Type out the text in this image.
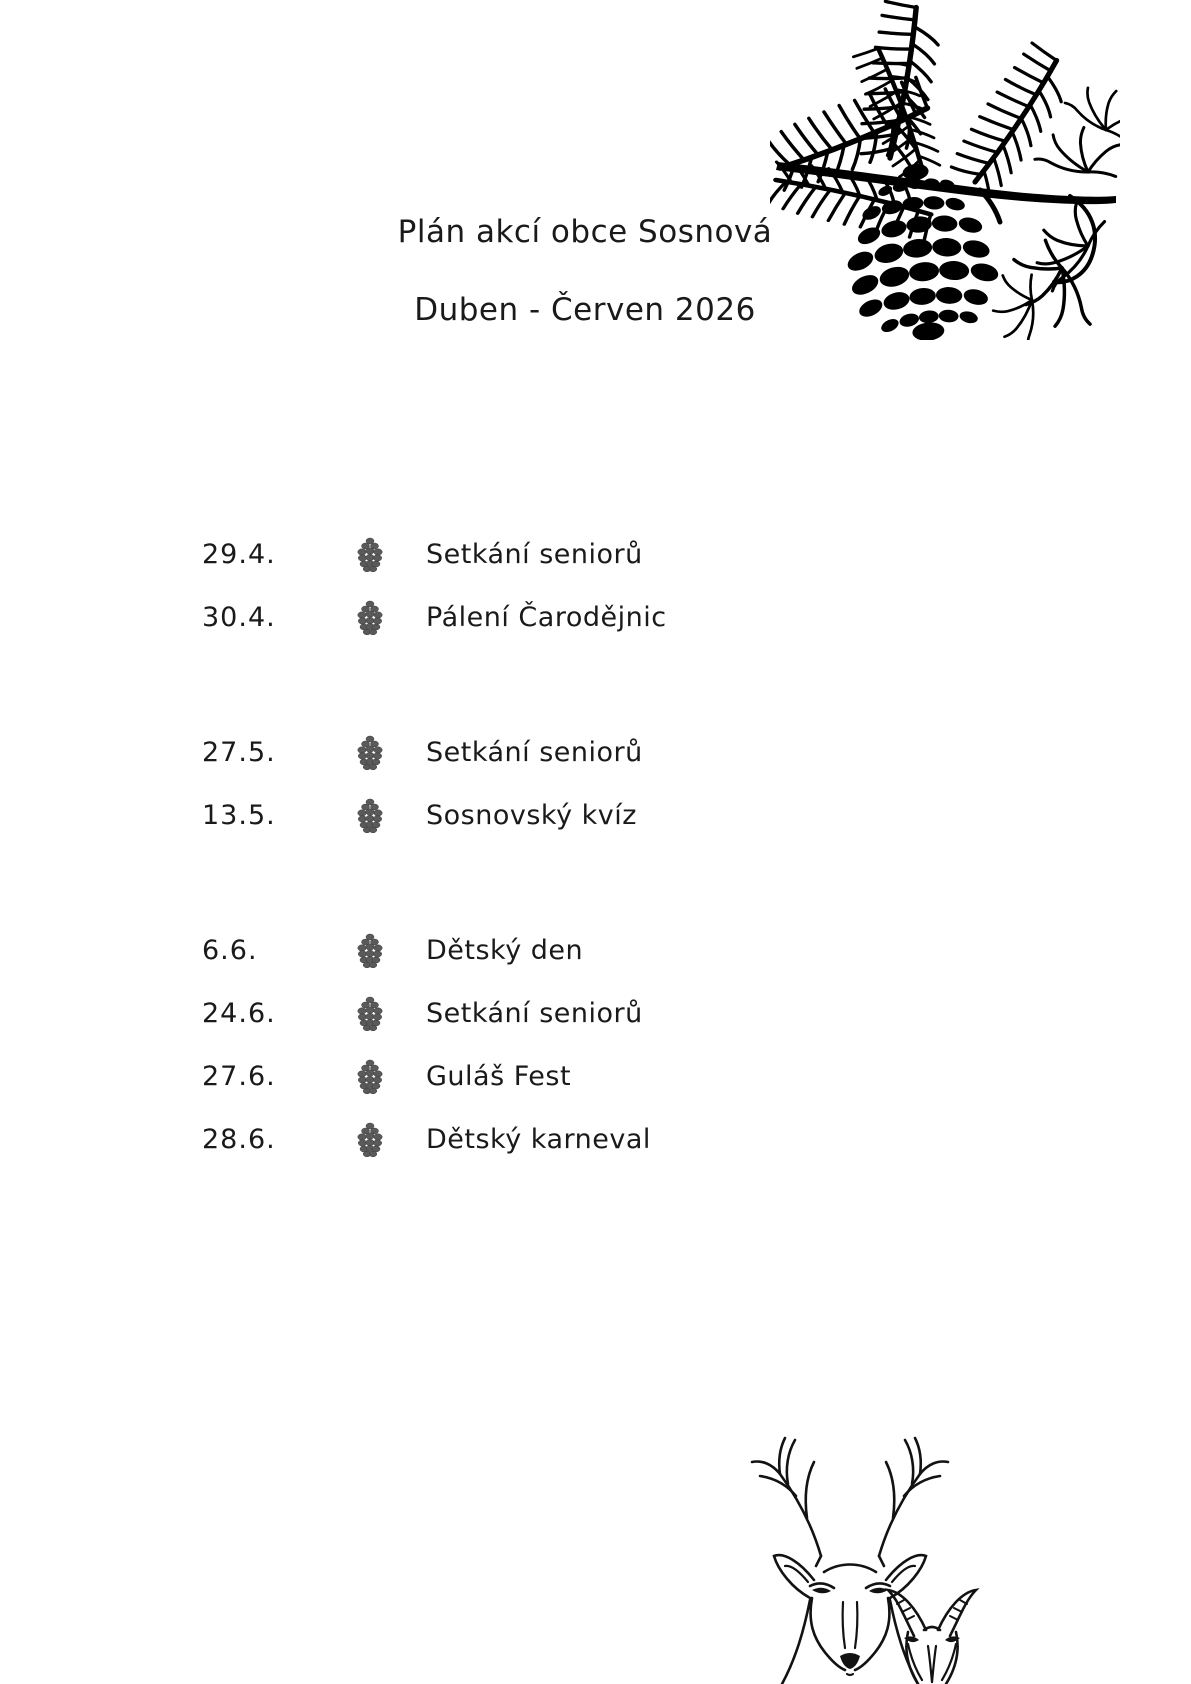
Plán akcí obce Sosnová
Duben - Červen 2026
29.4.	Setkání seniorů
30.4.	Pálení Čarodějnic
27.5.	Setkání seniorů
13.5.	Sosnovský kvíz
6.6.	Dětský den
24.6.	Setkání seniorů
27.6.	Guláš Fest
28.6.	Dětský karneval
